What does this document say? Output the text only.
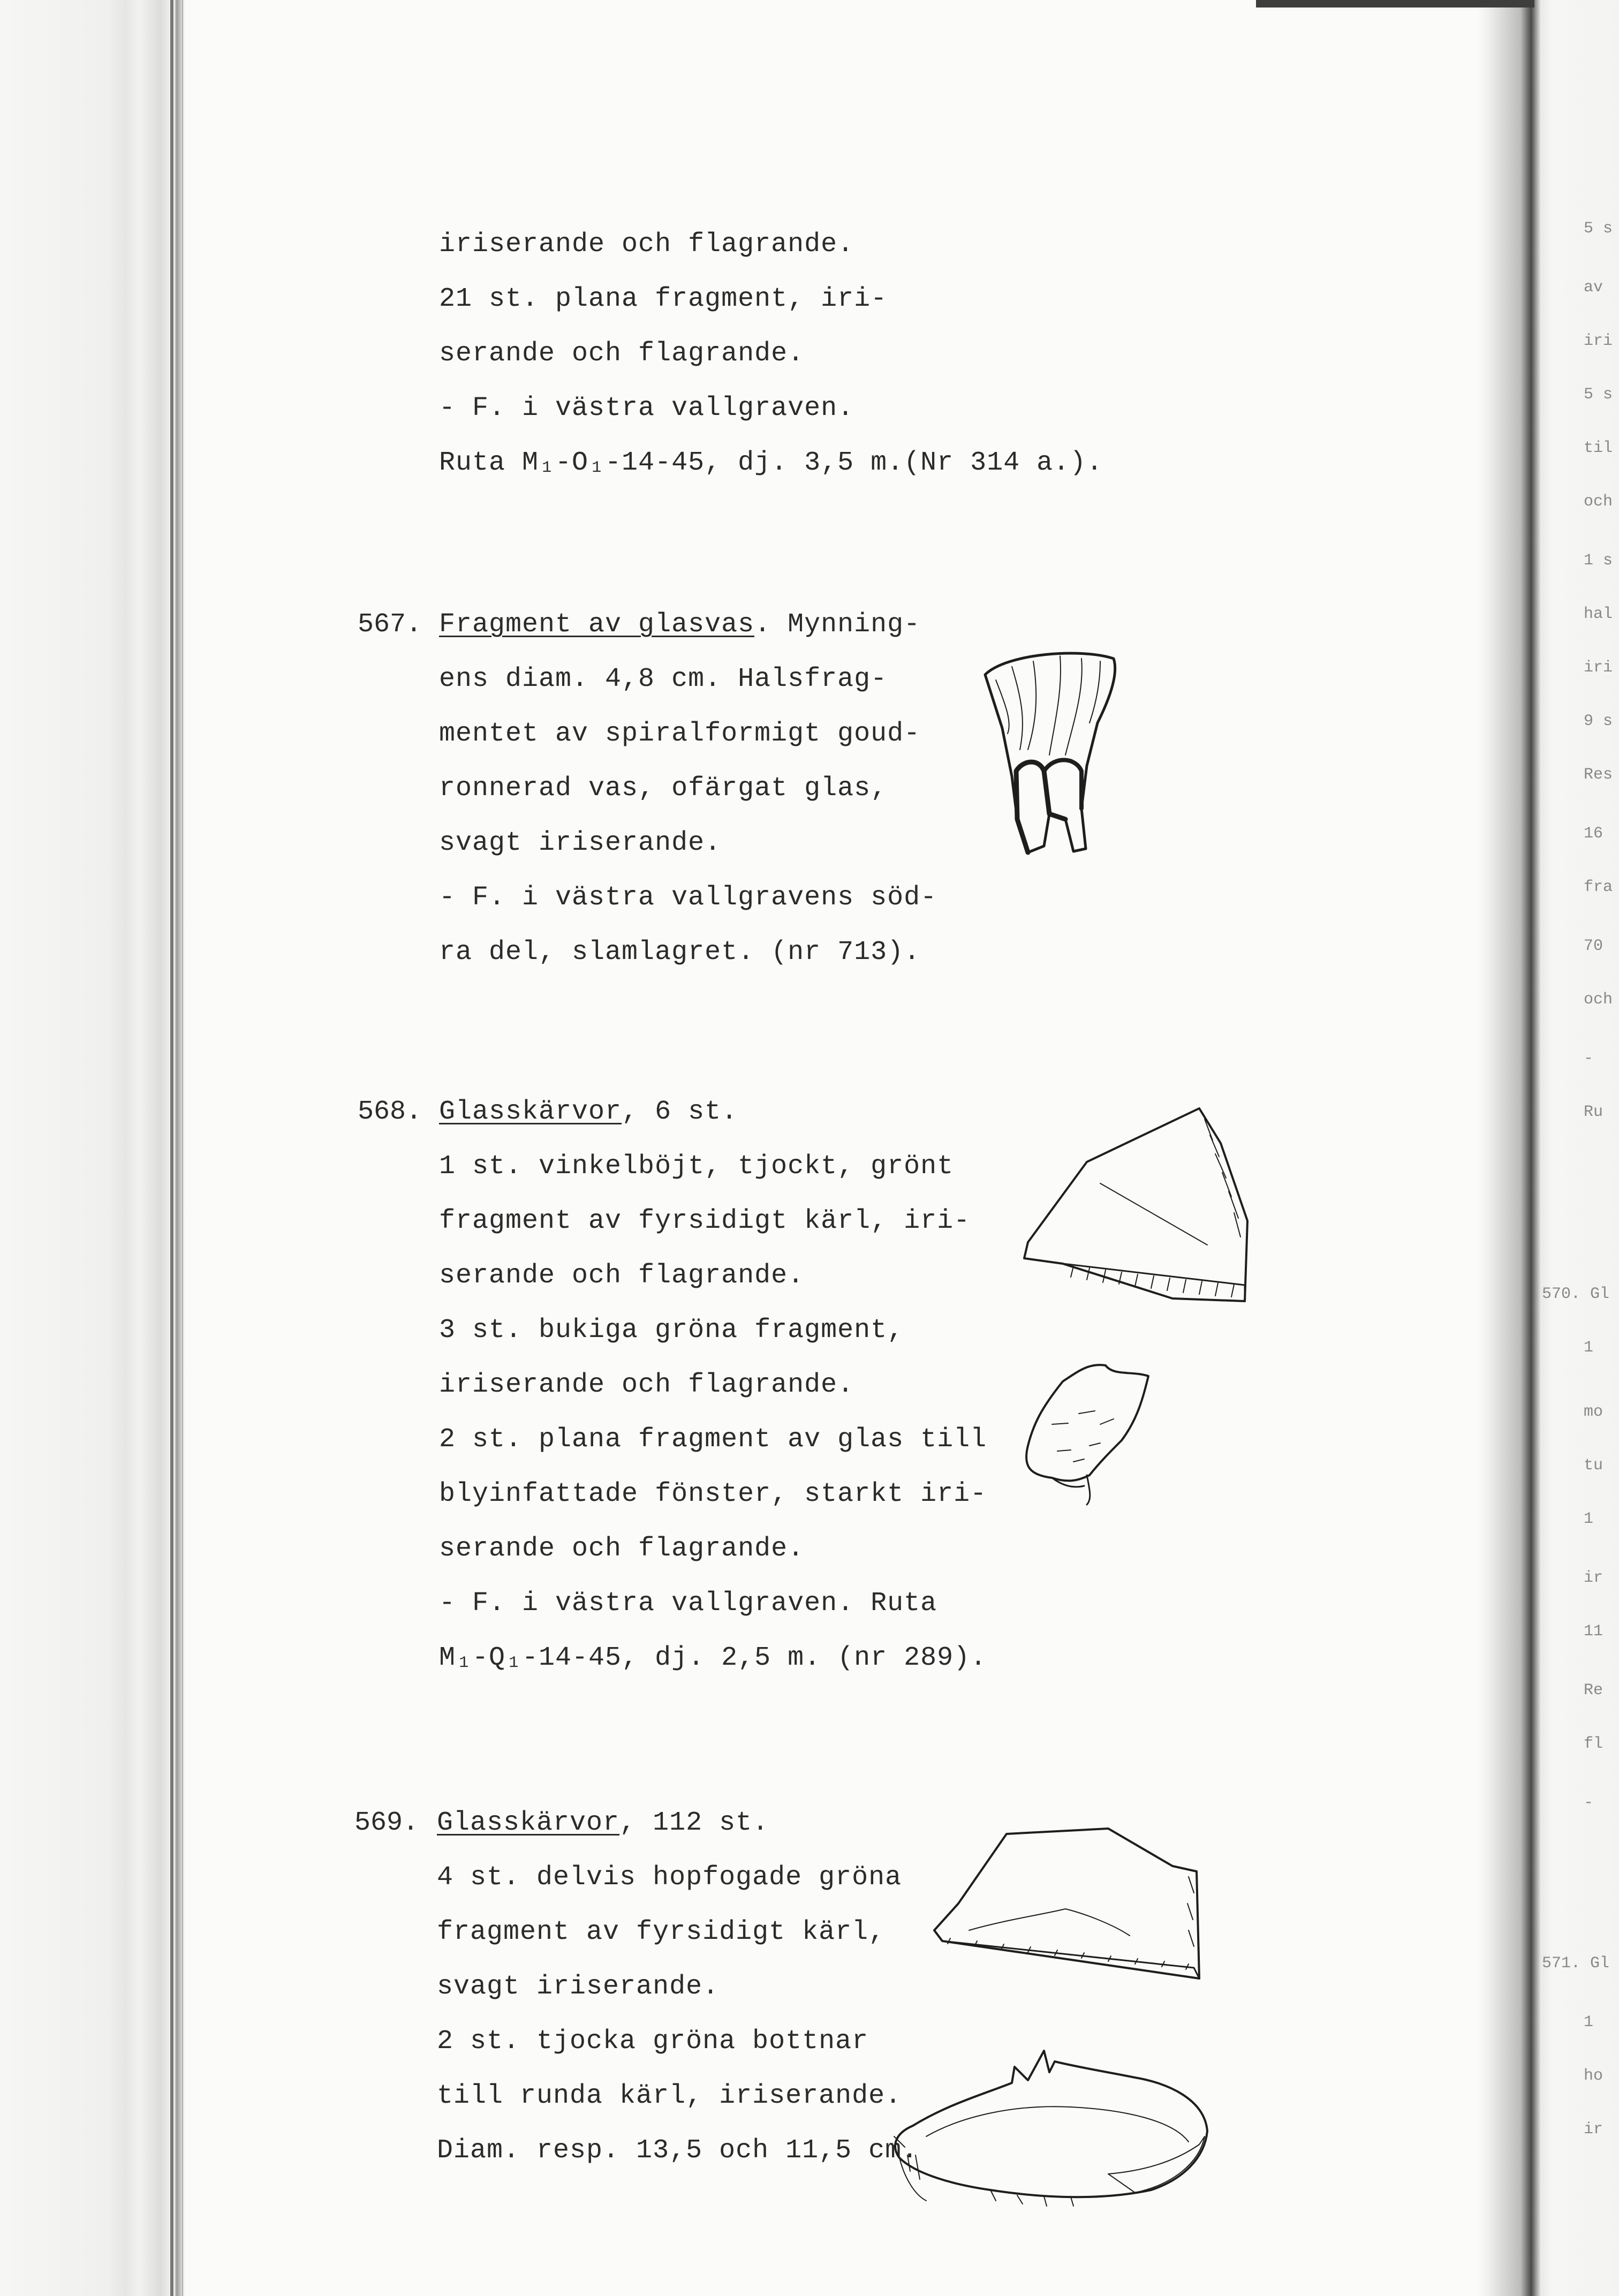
5 s
av
iri
5 s
til
och
1 s
hal
iri
9 s
Res
16
fra
70
och
-
Ru
570. Gl
1
mo
tu
1
ir
11
Re
fl
-
571. Gl
1
ho
ir
iriserande och flagrande.
21 st. plana fragment, iri-
serande och flagrande.
- F. i västra vallgraven.
Ruta M₁-O₁-14-45, dj. 3,5 m.(Nr 314 a.).
567. Fragment av glasvas. Mynning-
ens diam. 4,8 cm. Halsfrag-
mentet av spiralformigt goud-
ronnerad vas, ofärgat glas,
svagt iriserande.
- F. i västra vallgravens söd-
ra del, slamlagret. (nr 713).
568. Glasskärvor, 6 st.
1 st. vinkelböjt, tjockt, grönt
fragment av fyrsidigt kärl, iri-
serande och flagrande.
3 st. bukiga gröna fragment,
iriserande och flagrande.
2 st. plana fragment av glas till
blyinfattade fönster, starkt iri-
serande och flagrande.
- F. i västra vallgraven. Ruta
M₁-Q₁-14-45, dj. 2,5 m. (nr 289).
569. Glasskärvor, 112 st.
4 st. delvis hopfogade gröna
fragment av fyrsidigt kärl,
svagt iriserande.
2 st. tjocka gröna bottnar
till runda kärl, iriserande.
Diam. resp. 13,5 och 11,5 cm.
